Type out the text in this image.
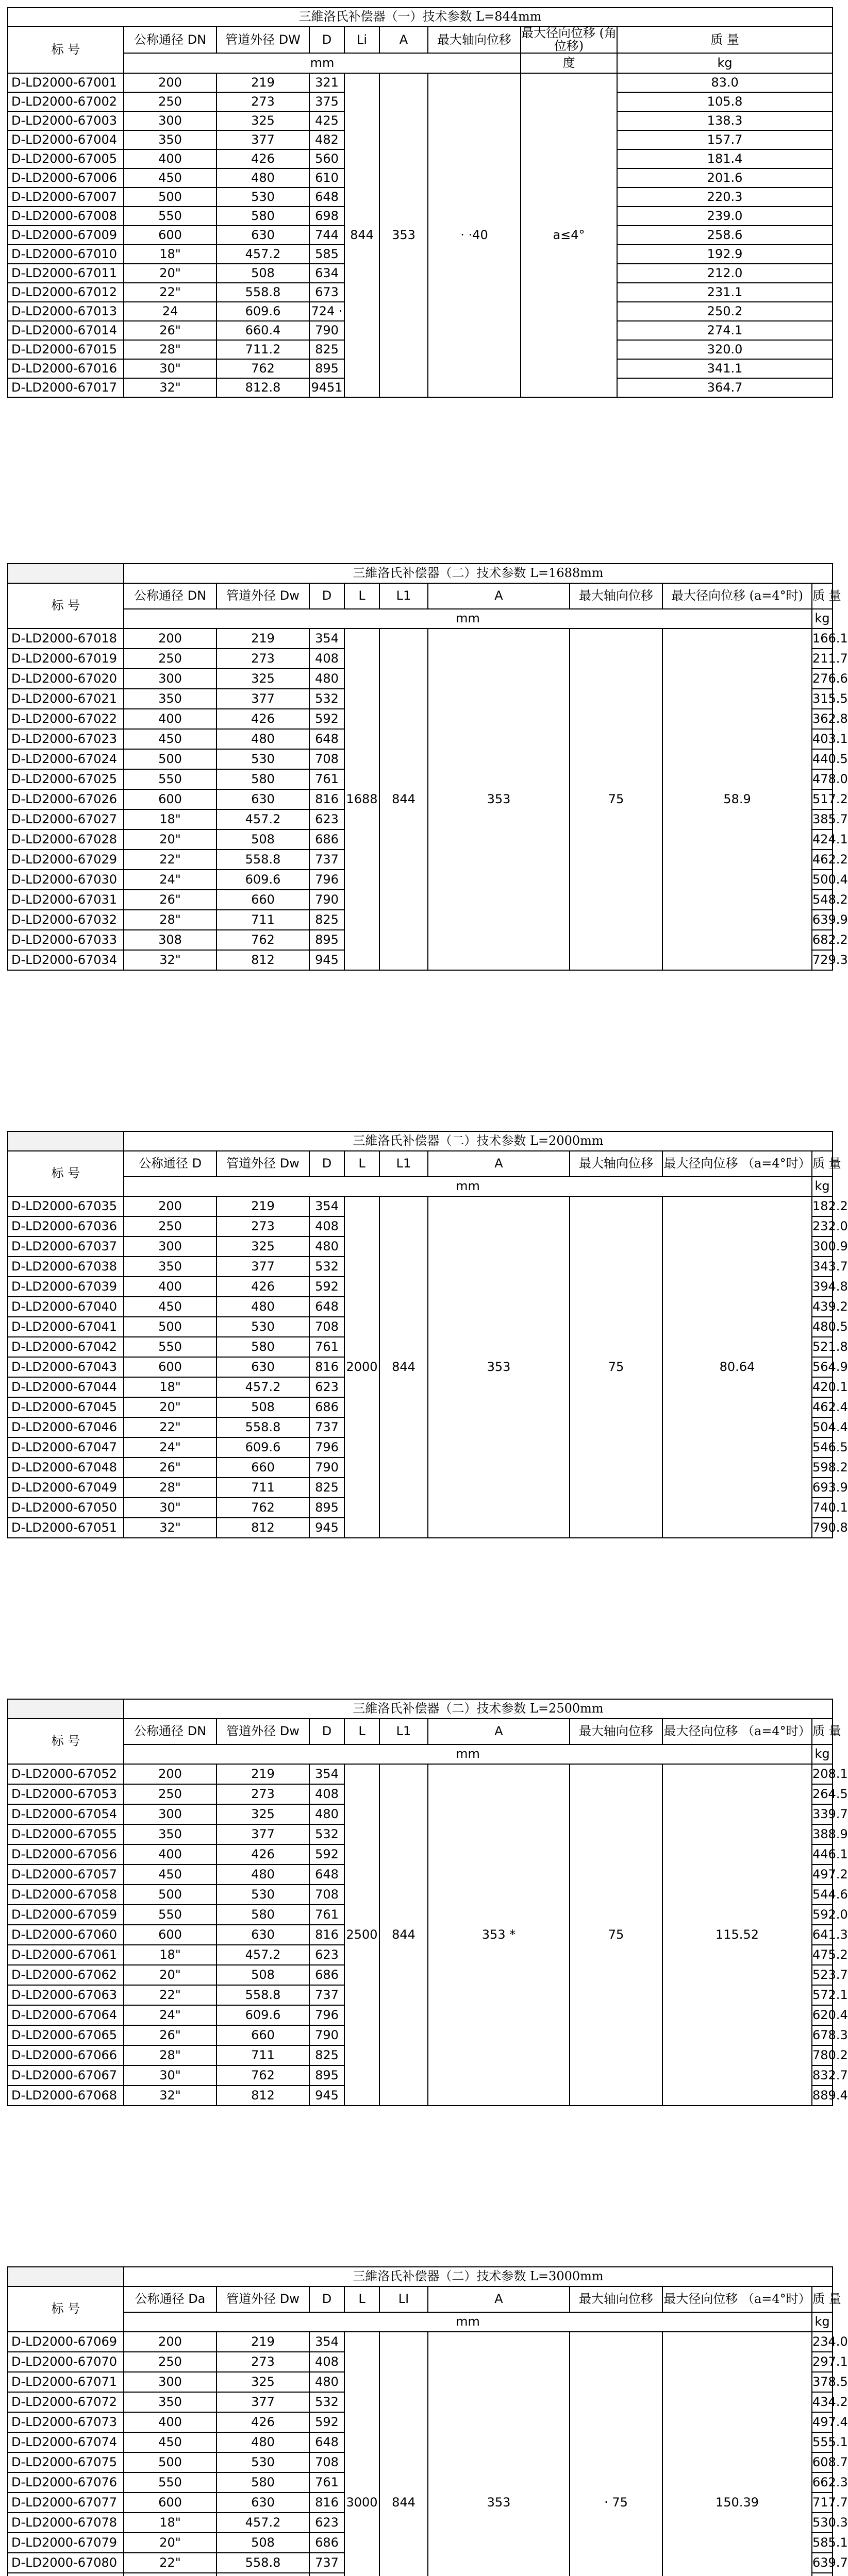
三維洛氏补偿器（一）技术参数 L=844mm								
标 号	公称通径 DN	管道外径 DW	D	Li	A	最大轴向位移	最大径向位移 (角位移)	质 量
	mm						度	kg
D-LD2000-67001	200	219	321	844	353	· ·40	a≤4°	83.0
D-LD2000-67002	250	273	375					105.8
D-LD2000-67003	300	325	425					138.3
D-LD2000-67004	350	377	482					157.7
D-LD2000-67005	400	426	560					181.4
D-LD2000-67006	450	480	610					201.6
D-LD2000-67007	500	530	648					220.3
D-LD2000-67008	550	580	698					239.0
D-LD2000-67009	600	630	744					258.6
D-LD2000-67010	18"	457.2	585					192.9
D-LD2000-67011	20"	508	634					212.0
D-LD2000-67012	22"	558.8	673					231.1
D-LD2000-67013	24	609.6	724 ·					250.2
D-LD2000-67014	26"	660.4	790					274.1
D-LD2000-67015	28"	711.2	825					320.0
D-LD2000-67016	30"	762	895					341.1
D-LD2000-67017	32"	812.8	9451					364.7
	三維洛氏补偿器（二）技术参数 L=1688mm								
标 号	公称通径 DN	管道外径 Dw	D	L	L1	A	最大轴向位移	最大径向位移 (a=4°时)	质 量
	mm								kg
D-LD2000-67018	200	219	354	1688	844	353	75	58.9	166.1
D-LD2000-67019	250	273	408						211.7
D-LD2000-67020	300	325	480						276.6
D-LD2000-67021	350	377	532						315.5
D-LD2000-67022	400	426	592						362.8
D-LD2000-67023	450	480	648						403.1
D-LD2000-67024	500	530	708						440.5
D-LD2000-67025	550	580	761						478.0
D-LD2000-67026	600	630	816						517.2
D-LD2000-67027	18"	457.2	623						385.7
D-LD2000-67028	20"	508	686						424.1
D-LD2000-67029	22"	558.8	737						462.2
D-LD2000-67030	24"	609.6	796						500.4
D-LD2000-67031	26"	660	790						548.2
D-LD2000-67032	28"	711	825						639.9
D-LD2000-67033	308	762	895						682.2
D-LD2000-67034	32"	812	945						729.3
	三維洛氏补偿器（二）技术参数 L=2000mm								
标 号	公称通径 D	管道外径 Dw	D	L	L1	A	最大轴向位移	最大径向位移 （a=4°时）	质 量
	mm								kg
D-LD2000-67035	200	219	354	2000	844	353	75	80.64	182.2
D-LD2000-67036	250	273	408						232.0
D-LD2000-67037	300	325	480						300.9
D-LD2000-67038	350	377	532						343.7
D-LD2000-67039	400	426	592						394.8
D-LD2000-67040	450	480	648						439.2
D-LD2000-67041	500	530	708						480.5
D-LD2000-67042	550	580	761						521.8
D-LD2000-67043	600	630	816						564.9
D-LD2000-67044	18"	457.2	623						420.1
D-LD2000-67045	20"	508	686						462.4
D-LD2000-67046	22"	558.8	737						504.4
D-LD2000-67047	24"	609.6	796						546.5
D-LD2000-67048	26"	660	790						598.2
D-LD2000-67049	28"	711	825						693.9
D-LD2000-67050	30"	762	895						740.1
D-LD2000-67051	32"	812	945						790.8
	三維洛氏补偿器（二）技术参数 L=2500mm								
标 号	公称通径 DN	管道外径 Dw	D	L	L1	A	最大轴向位移	最大径向位移 （a=4°时）	质 量
	mm								kg
D-LD2000-67052	200	219	354	2500	844	353 *	75	115.52	208.1
D-LD2000-67053	250	273	408						264.5
D-LD2000-67054	300	325	480						339.7
D-LD2000-67055	350	377	532						388.9
D-LD2000-67056	400	426	592						446.1
D-LD2000-67057	450	480	648						497.2
D-LD2000-67058	500	530	708						544.6
D-LD2000-67059	550	580	761						592.0
D-LD2000-67060	600	630	816						641.3
D-LD2000-67061	18"	457.2	623						475.2
D-LD2000-67062	20"	508	686						523.7
D-LD2000-67063	22"	558.8	737						572.1
D-LD2000-67064	24"	609.6	796						620.4
D-LD2000-67065	26"	660	790						678.3
D-LD2000-67066	28"	711	825						780.2
D-LD2000-67067	30"	762	895						832.7
D-LD2000-67068	32"	812	945						889.4
	三維洛氏补偿器（二）技术参数 L=3000mm								
标 号	公称通径 Da	管道外径 Dw	D	L	LI	A	最大轴向位移	最大径向位移 （a=4°时）	质 量
	mm								kg
D-LD2000-67069	200	219	354	3000	844	353	· 75	150.39	234.0
D-LD2000-67070	250	273	408						297.1
D-LD2000-67071	300	325	480						378.5
D-LD2000-67072	350	377	532						434.2
D-LD2000-67073	400	426	592						497.4
D-LD2000-67074	450	480	648						555.1
D-LD2000-67075	500	530	708						608.7
D-LD2000-67076	550	580	761						662.3
D-LD2000-67077	600	630	816						717.7
D-LD2000-67078	18"	457.2	623						530.3
D-LD2000-67079	20"	508	686						585.1
D-LD2000-67080	22"	558.8	737						639.7
